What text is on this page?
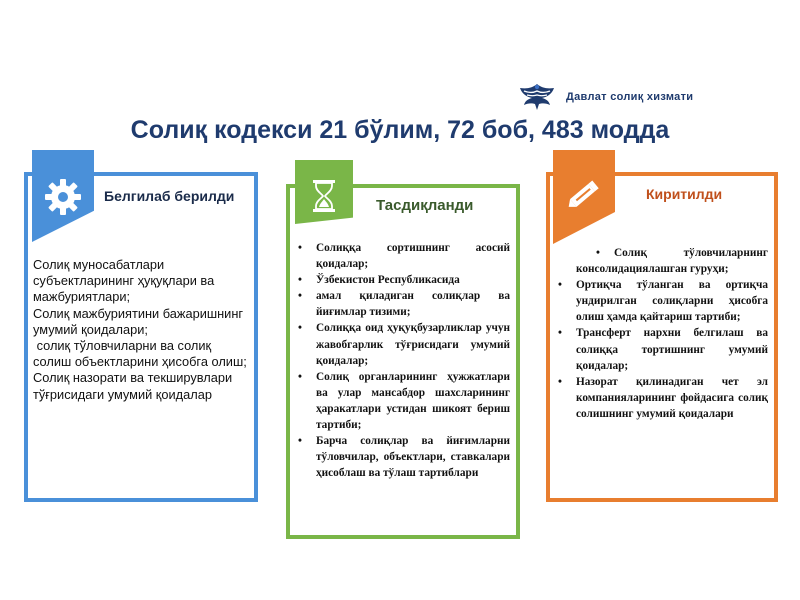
Давлат солиқ хизмати
Солиқ кодекси 21 бўлим, 72 боб, 483 модда
Белгилаб берилди
Тасдиқланди
Киритилди
Солиқ муносабатлари субъектларининг ҳуқуқлари ва мажбуриятлари;
Солиқ мажбуриятини бажаришнинг умумий қоидалари;
солиқ тўловчиларни ва солиқ солиш объектларини ҳисобга олиш;
Солиқ назорати ва текширувлари тўғрисидаги умумий қоидалар
• Солиққа сортишнинг асосий қоидалар;
• Ўзбекистон Республикасида
• амал қиладиган солиқлар ва йиғимлар тизими;
• Солиққа оид ҳуқуқбузарликлар учун жавобгарлик тўғрисидаги умумий қоидалар;
• Солиқ органларининг ҳужжатлари ва улар мансабдор шахсларининг ҳаракатлари устидан шикоят бериш тартиби;
• Барча солиқлар ва йиғимларни тўловчилар, объектлари, ставкалари ҳисоблаш ва тўлаш тартиблари
• Солиқ тўловчиларнинг консолидациялашган гуруҳи;
• Ортиқча тўланган ва ортиқча ундирилган солиқларни ҳисобга олиш ҳамда қайтариш тартиби;
• Трансферт нархни белгилаш ва солиққа тортишнинг умумий қоидалар;
• Назорат қилинадиган чет эл компанияларининг фойдасига солиқ солишнинг умумий қоидалари
